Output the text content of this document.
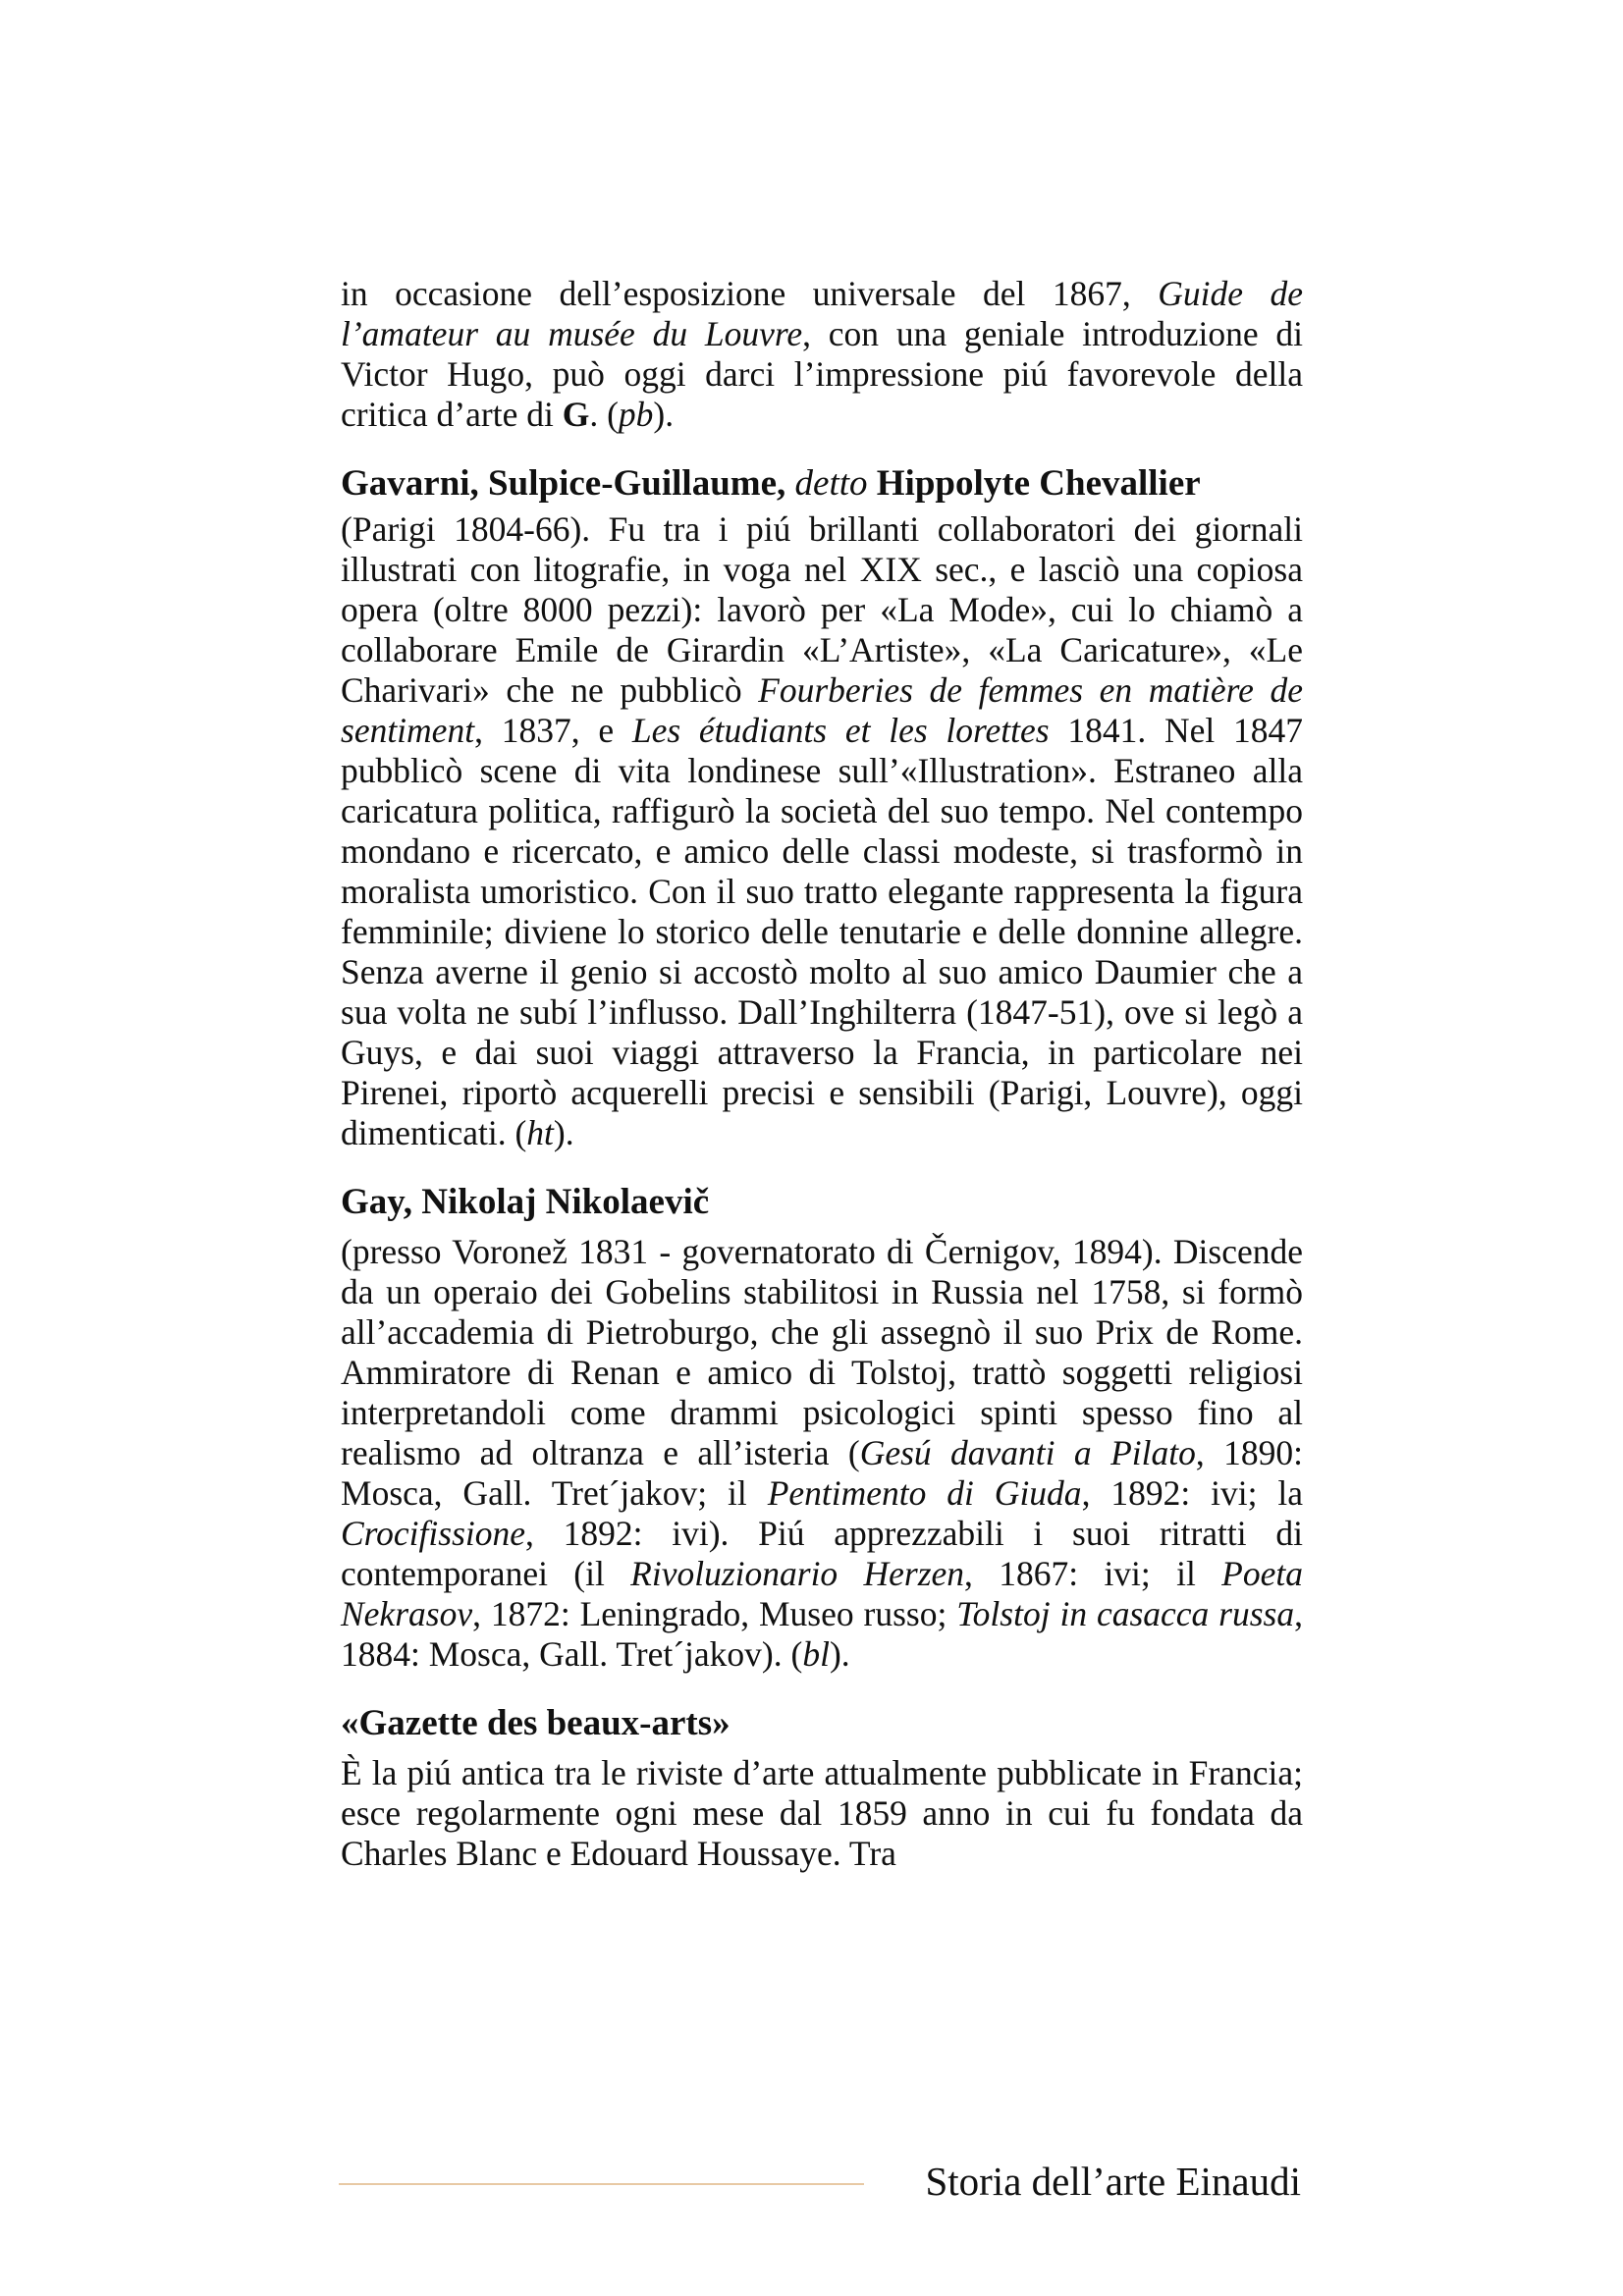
in occasione dell’esposizione universale del 1867, Guide de l’amateur au musée du Louvre, con una geniale introduzione di Victor Hugo, può oggi darci l’impressione piú favorevole della critica d’arte di G. (pb).

Gavarni, Sulpice-Guillaume, detto Hippolyte Chevallier

(Parigi 1804-66). Fu tra i piú brillanti collaboratori dei giornali illustrati con litografie, in voga nel XIX sec., e lasciò una copiosa opera (oltre 8000 pezzi): lavorò per «La Mode», cui lo chiamò a collaborare Emile de Girardin «L’Artiste», «La Caricature», «Le Charivari» che ne pubblicò Fourberies de femmes en matière de sentiment, 1837, e Les étudiants et les lorettes 1841. Nel 1847 pubblicò scene di vita londinese sull’«Illustration». Estraneo alla caricatura politica, raffigurò la società del suo tempo. Nel contempo mondano e ricercato, e amico delle classi modeste, si trasformò in moralista umoristico. Con il suo tratto elegante rappresenta la figura femminile; diviene lo storico delle tenutarie e delle donnine allegre. Senza averne il genio si accostò molto al suo amico Daumier che a sua volta ne subí l’influsso. Dall’Inghilterra (1847-51), ove si legò a Guys, e dai suoi viaggi attraverso la Francia, in particolare nei Pirenei, riportò acquerelli precisi e sensibili (Parigi, Louvre), oggi dimenticati. (ht).

Gay, Nikolaj Nikolaevič

(presso Voronež 1831 - governatorato di Černigov, 1894). Discende da un operaio dei Gobelins stabilitosi in Russia nel 1758, si formò all’accademia di Pietroburgo, che gli assegnò il suo Prix de Rome. Ammiratore di Renan e amico di Tolstoj, trattò soggetti religiosi interpretandoli come drammi psicologici spinti spesso fino al realismo ad oltranza e all’isteria (Gesú davanti a Pilato, 1890: Mosca, Gall. Tret´jakov; il Pentimento di Giuda, 1892: ivi; la Crocifissione, 1892: ivi). Piú apprezzabili i suoi ritratti di contemporanei (il Rivoluzionario Herzen, 1867: ivi; il Poeta Nekrasov, 1872: Leningrado, Museo russo; Tolstoj in casacca russa, 1884: Mosca, Gall. Tret´jakov). (bl).

«Gazette des beaux-arts»

È la piú antica tra le riviste d’arte attualmente pubblicate in Francia; esce regolarmente ogni mese dal 1859 anno in cui fu fondata da Charles Blanc e Edouard Houssaye. Tra

Storia dell’arte Einaudi
